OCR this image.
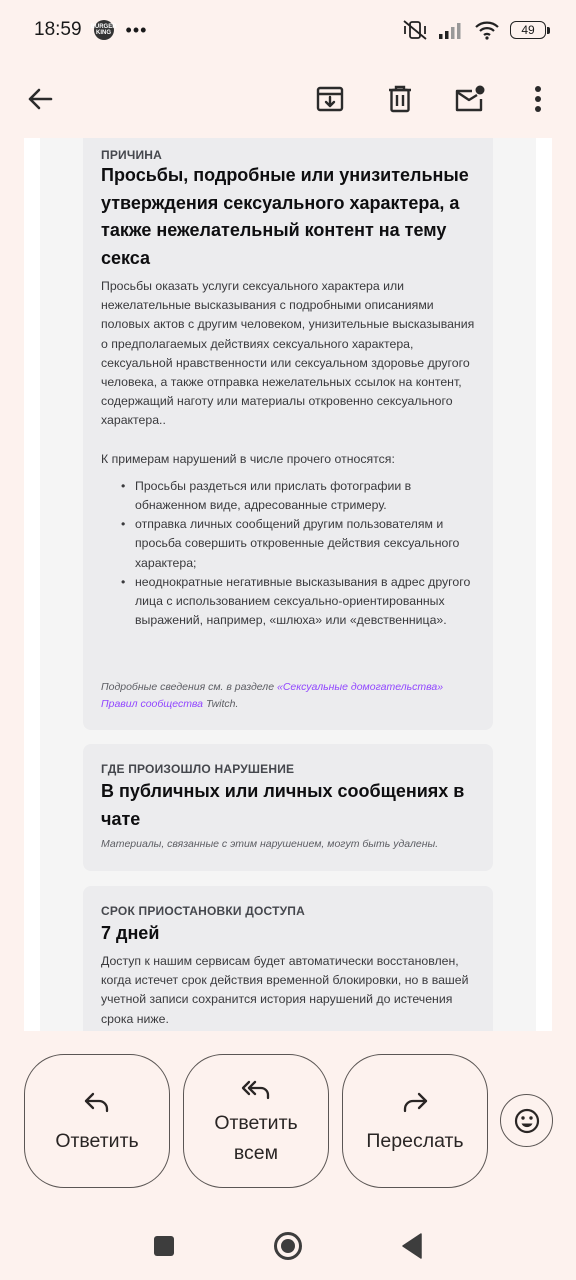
18:59 BURGER KING •••	49
ПРИЧИНА
Просьбы, подробные или унизительные утверждения сексуального характера, а также нежелательный контент на тему секса

Просьбы оказать услуги сексуального характера или нежелательные высказывания с подробными описаниями половых актов с другим человеком, унизительные высказывания о предполагаемых действиях сексуального характера, сексуальной нравственности или сексуальном здоровье другого человека, а также отправка нежелательных ссылок на контент, содержащий наготу или материалы откровенно сексуального характера..

К примерам нарушений в числе прочего относятся:

• Просьбы раздеться или прислать фотографии в обнаженном виде, адресованные стримеру.
• отправка личных сообщений другим пользователям и просьба совершить откровенные действия сексуального характера;
• неоднократные негативные высказывания в адрес другого лица с использованием сексуально-ориентированных выражений, например, «шлюха» или «девственница».
Подробные сведения см. в разделе «Сексуальные домогательства» Правил сообщества Twitch.
ГДЕ ПРОИЗОШЛО НАРУШЕНИЕ
В публичных или личных сообщениях в чате
Материалы, связанные с этим нарушением, могут быть удалены.
СРОК ПРИОСТАНОВКИ ДОСТУПА
7 дней
Доступ к нашим сервисам будет автоматически восстановлен, когда истечет срок действия временной блокировки, но в вашей учетной записи сохранится история нарушений до истечения срока ниже.
Ответить
Ответить всем
Переслать
